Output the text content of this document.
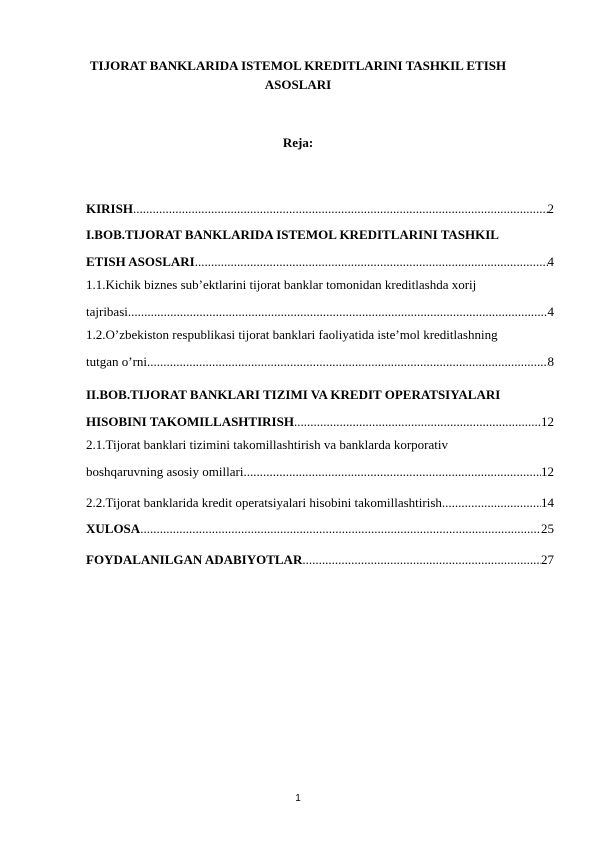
TIJORAT BANKLARIDA ISTEMOL KREDITLARINI TASHKIL ETISH
ASOSLARI
Reja:
KIRISH .....	2
I.BOB.TIJORAT BANKLARIDA ISTEMOL KREDITLARINI TASHKIL
ETISH ASOSLARI .....	4
1.1.Kichik biznes sub’ektlarini tijorat banklar tomonidan kreditlashda xorij
tajribasi .....	4
1.2.O’zbekiston respublikasi tijorat banklari faoliyatida iste’mol kreditlashning
tutgan o’rni .....	8
II.BOB.TIJORAT BANKLARI TIZIMI VA KREDIT OPERATSIYALARI
HISOBINI TAKOMILLASHTIRISH .....	12
2.1.Tijorat banklari tizimini takomillashtirish va banklarda korporativ
boshqaruvning asosiy omillari .....	12
2.2.Tijorat banklarida kredit operatsiyalari hisobini takomillashtirish .....	14
XULOSA .....	25
FOYDALANILGAN ADABIYOTLAR .....	27
1
